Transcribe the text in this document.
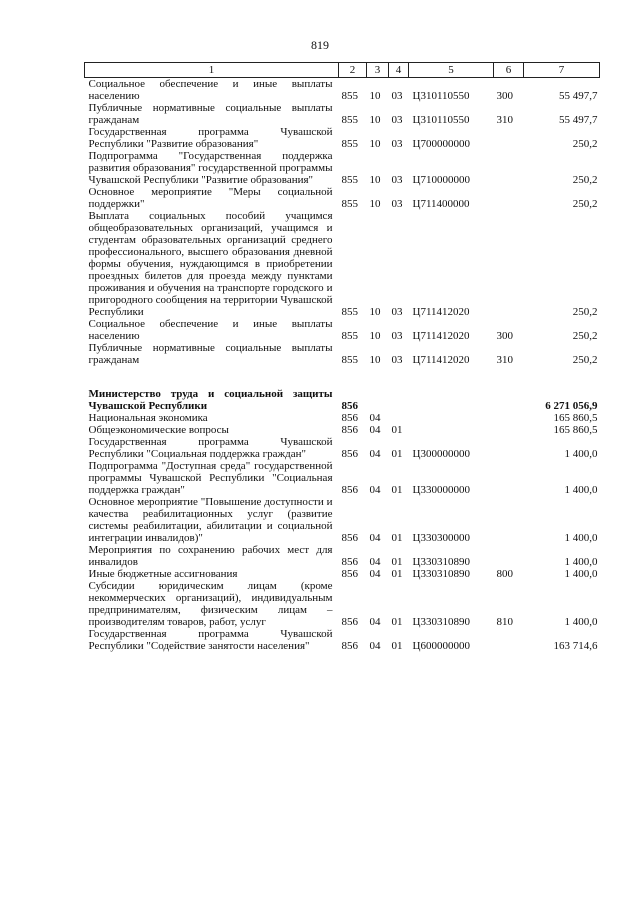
819
1	2	3	4	5	6	7
Социальное обеспечение и иные выплаты населению	855	10	03	Ц310110550	300	55 497,7
Публичные нормативные социальные выплаты гражданам	855	10	03	Ц310110550	310	55 497,7
Государственная программа Чувашской Республики "Развитие образования"	855	10	03	Ц700000000		250,2
Подпрограмма "Государственная поддержка развития образования" государственной программы Чувашской Республики "Развитие образования"	855	10	03	Ц710000000		250,2
Основное мероприятие "Меры социальной поддержки"	855	10	03	Ц711400000		250,2
Выплата социальных пособий учащимся общеобразовательных организаций, учащимся и студентам образовательных организаций среднего профессионального, высшего образования дневной формы обучения, нуждающимся в приобретении проездных билетов для проезда между пунктами проживания и обучения на транспорте городского и пригородного сообщения на территории Чувашской Республики	855	10	03	Ц711412020		250,2
Социальное обеспечение и иные выплаты населению	855	10	03	Ц711412020	300	250,2
Публичные нормативные социальные выплаты гражданам	855	10	03	Ц711412020	310	250,2

Министерство труда и социальной защиты Чувашской Республики	856					6 271 056,9
Национальная экономика	856	04				165 860,5
Общеэкономические вопросы	856	04	01			165 860,5
Государственная программа Чувашской Республики "Социальная поддержка граждан"	856	04	01	Ц300000000		1 400,0
Подпрограмма "Доступная среда" государственной программы Чувашской Республики "Социальная поддержка граждан"	856	04	01	Ц330000000		1 400,0
Основное мероприятие "Повышение доступности и качества реабилитационных услуг (развитие системы реабилитации, абилитации и социальной интеграции инвалидов)"	856	04	01	Ц330300000		1 400,0
Мероприятия по сохранению рабочих мест для инвалидов	856	04	01	Ц330310890		1 400,0
Иные бюджетные ассигнования	856	04	01	Ц330310890	800	1 400,0
Субсидии юридическим лицам (кроме некоммерческих организаций), индивидуальным предпринимателям, физическим лицам – производителям товаров, работ, услуг	856	04	01	Ц330310890	810	1 400,0
Государственная программа Чувашской Республики "Содействие занятости населения"	856	04	01	Ц600000000		163 714,6
